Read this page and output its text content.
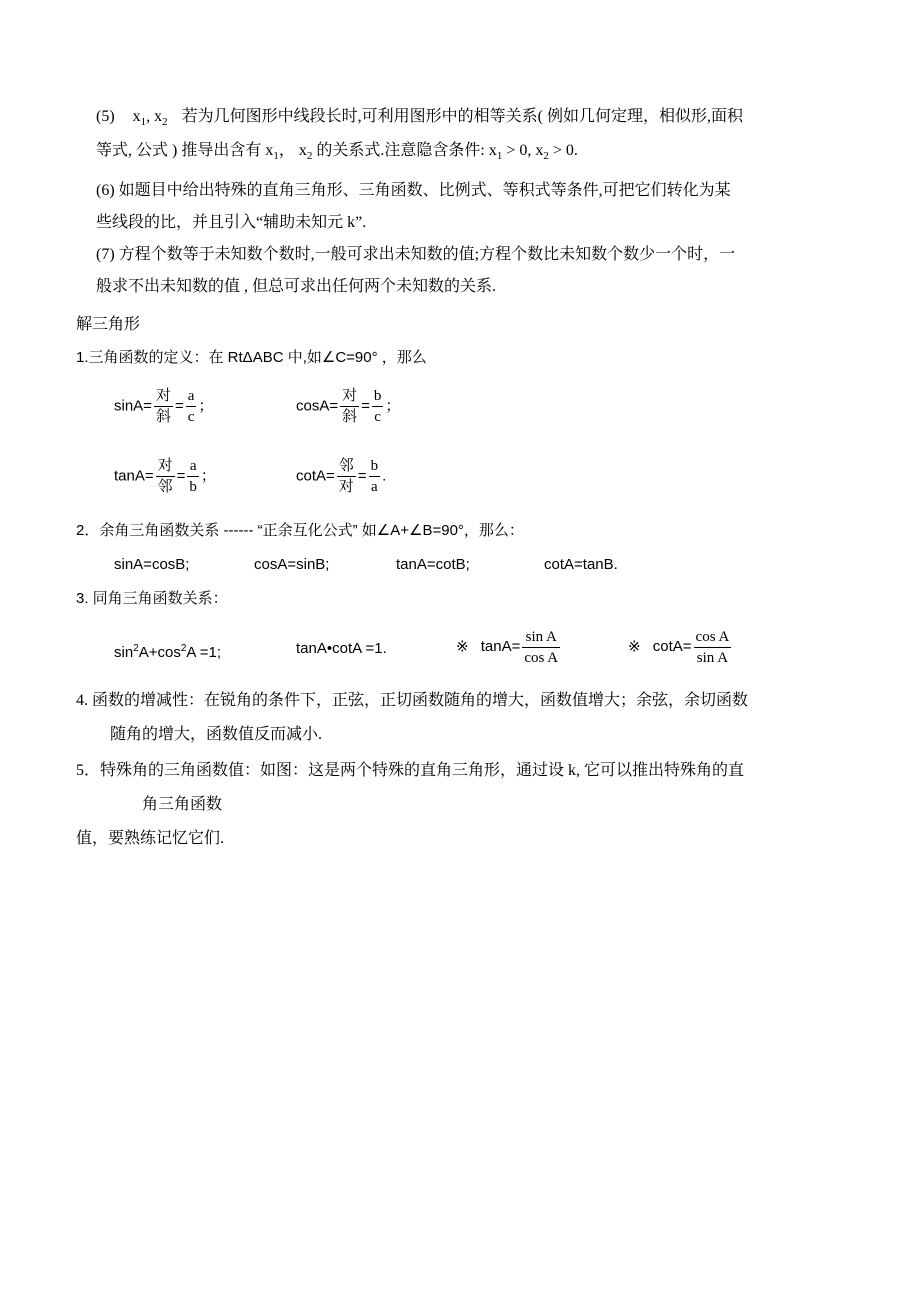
(5) $x_1$, $x_2$ 若为几何图形中线段长时,可利用图形中的相等关系( 例如几何定理，相似形,面积
等式, 公式 ) 推导出含有 $x_1$， $x_2$ 的关系式.注意隐含条件: $x_1 > 0$, $x_2 > 0$.
(6) 如题目中给出特殊的直角三角形、三角函数、比例式、等积式等条件,可把它们转化为某
些线段的比，并且引入“辅助未知元 k”.
(7) 方程个数等于未知数个数时,一般可求出未知数的值;方程个数比未知数个数少一个时，一
般求不出未知数的值 , 但总可求出任何两个未知数的关系.
解三角形
1.三角函数的定义：在 RtΔABC 中,如∠C=90° ，那么
$\sin A= \frac{\text{对}}{\text{斜}} = \frac{a}{c}$ ；	$\cos A= \frac{\text{对}}{\text{斜}} = \frac{b}{c}$ ；
$\tan A= \frac{\text{对}}{\text{邻}} = \frac{a}{b}$ ；	$\cot A= \frac{\text{邻}}{\text{对}} = \frac{b}{a}$ .
2．余角三角函数关系 ------ “正余互化公式” 如∠A+∠B=90°，那么：
sinA=cosB;	cosA=sinB;	tanA=cotB;	cotA=tanB.
3. 同角三角函数关系：
$\sin^2A+\cos^2A =1$;	tanA•cotA =1.	※ $\tan A= \frac{\text{sin A}}{\text{cos A}}$	※ $\cot A= \frac{\text{cos A}}{\text{sin A}}$
4. 函数的增减性：在锐角的条件下，正弦，正切函数随角的增大，函数值增大；余弦，余切函数
随角的增大，函数值反而减小.
5．特殊角的三角函数值：如图：这是两个特殊的直角三角形，通过设 k, 它可以推出特殊角的直
角三角函数
值，要熟练记忆它们.
